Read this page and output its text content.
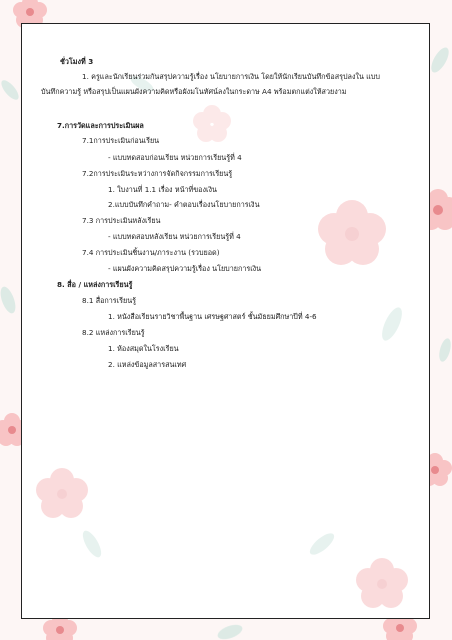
ชั่วโมงที่ 3
1. ครูและนักเรียนร่วมกันสรุปความรู้เรื่อง นโยบายการเงิน โดยให้นักเรียนบันทึกข้อสรุปลงใน แบบ
บันทึกความรู้ หรือสรุปเป็นแผนผังความคิดหรือผังมโนทัศน์ลงในกระดาษ A4 พร้อมตกแต่งให้สวยงาม
7.การวัดและการประเมินผล
7.1การประเมินก่อนเรียน
- แบบทดสอบก่อนเรียน หน่วยการเรียนรู้ที่ 4
7.2การประเมินระหว่างการจัดกิจกรรมการเรียนรู้
1. ใบงานที่ 1.1 เรื่อง หน้าที่ของเงิน
2.แบบบันทึกคำถาม- คำตอบเรื่องนโยบายการเงิน
7.3 การประเมินหลังเรียน
- แบบทดสอบหลังเรียน หน่วยการเรียนรู้ที่ 4
7.4 การประเมินชิ้นงาน/ภาระงาน (รวบยอด)
- แผนผังความคิดสรุปความรู้เรื่อง นโยบายการเงิน
8. สื่อ / แหล่งการเรียนรู้
8.1 สื่อการเรียนรู้
1. หนังสือเรียนรายวิชาพื้นฐาน เศรษฐศาสตร์ ชั้นมัธยมศึกษาปีที่ 4-6
8.2 แหล่งการเรียนรู้
1. ห้องสมุดในโรงเรียน
2. แหล่งข้อมูลสารสนเทศ
